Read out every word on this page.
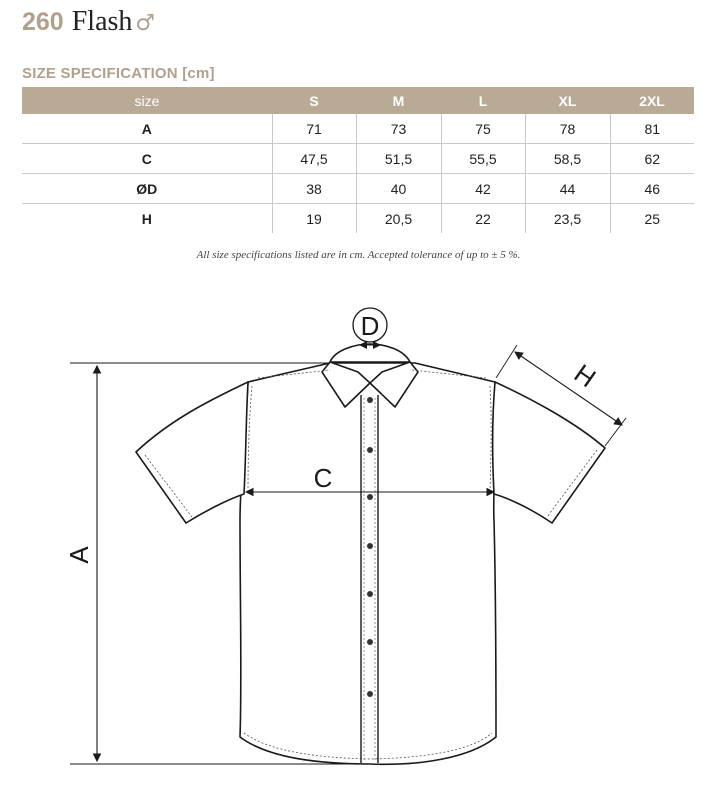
260 Flash ♂
SIZE SPECIFICATION [cm]
size	S	M	L	XL	2XL
A	71	73	75	78	81
C	47,5	51,5	55,5	58,5	62
ØD	38	40	42	44	46
H	19	20,5	22	23,5	25
All size specifications listed are in cm. Accepted tolerance of up to ± 5 %.
A
C
D
H
